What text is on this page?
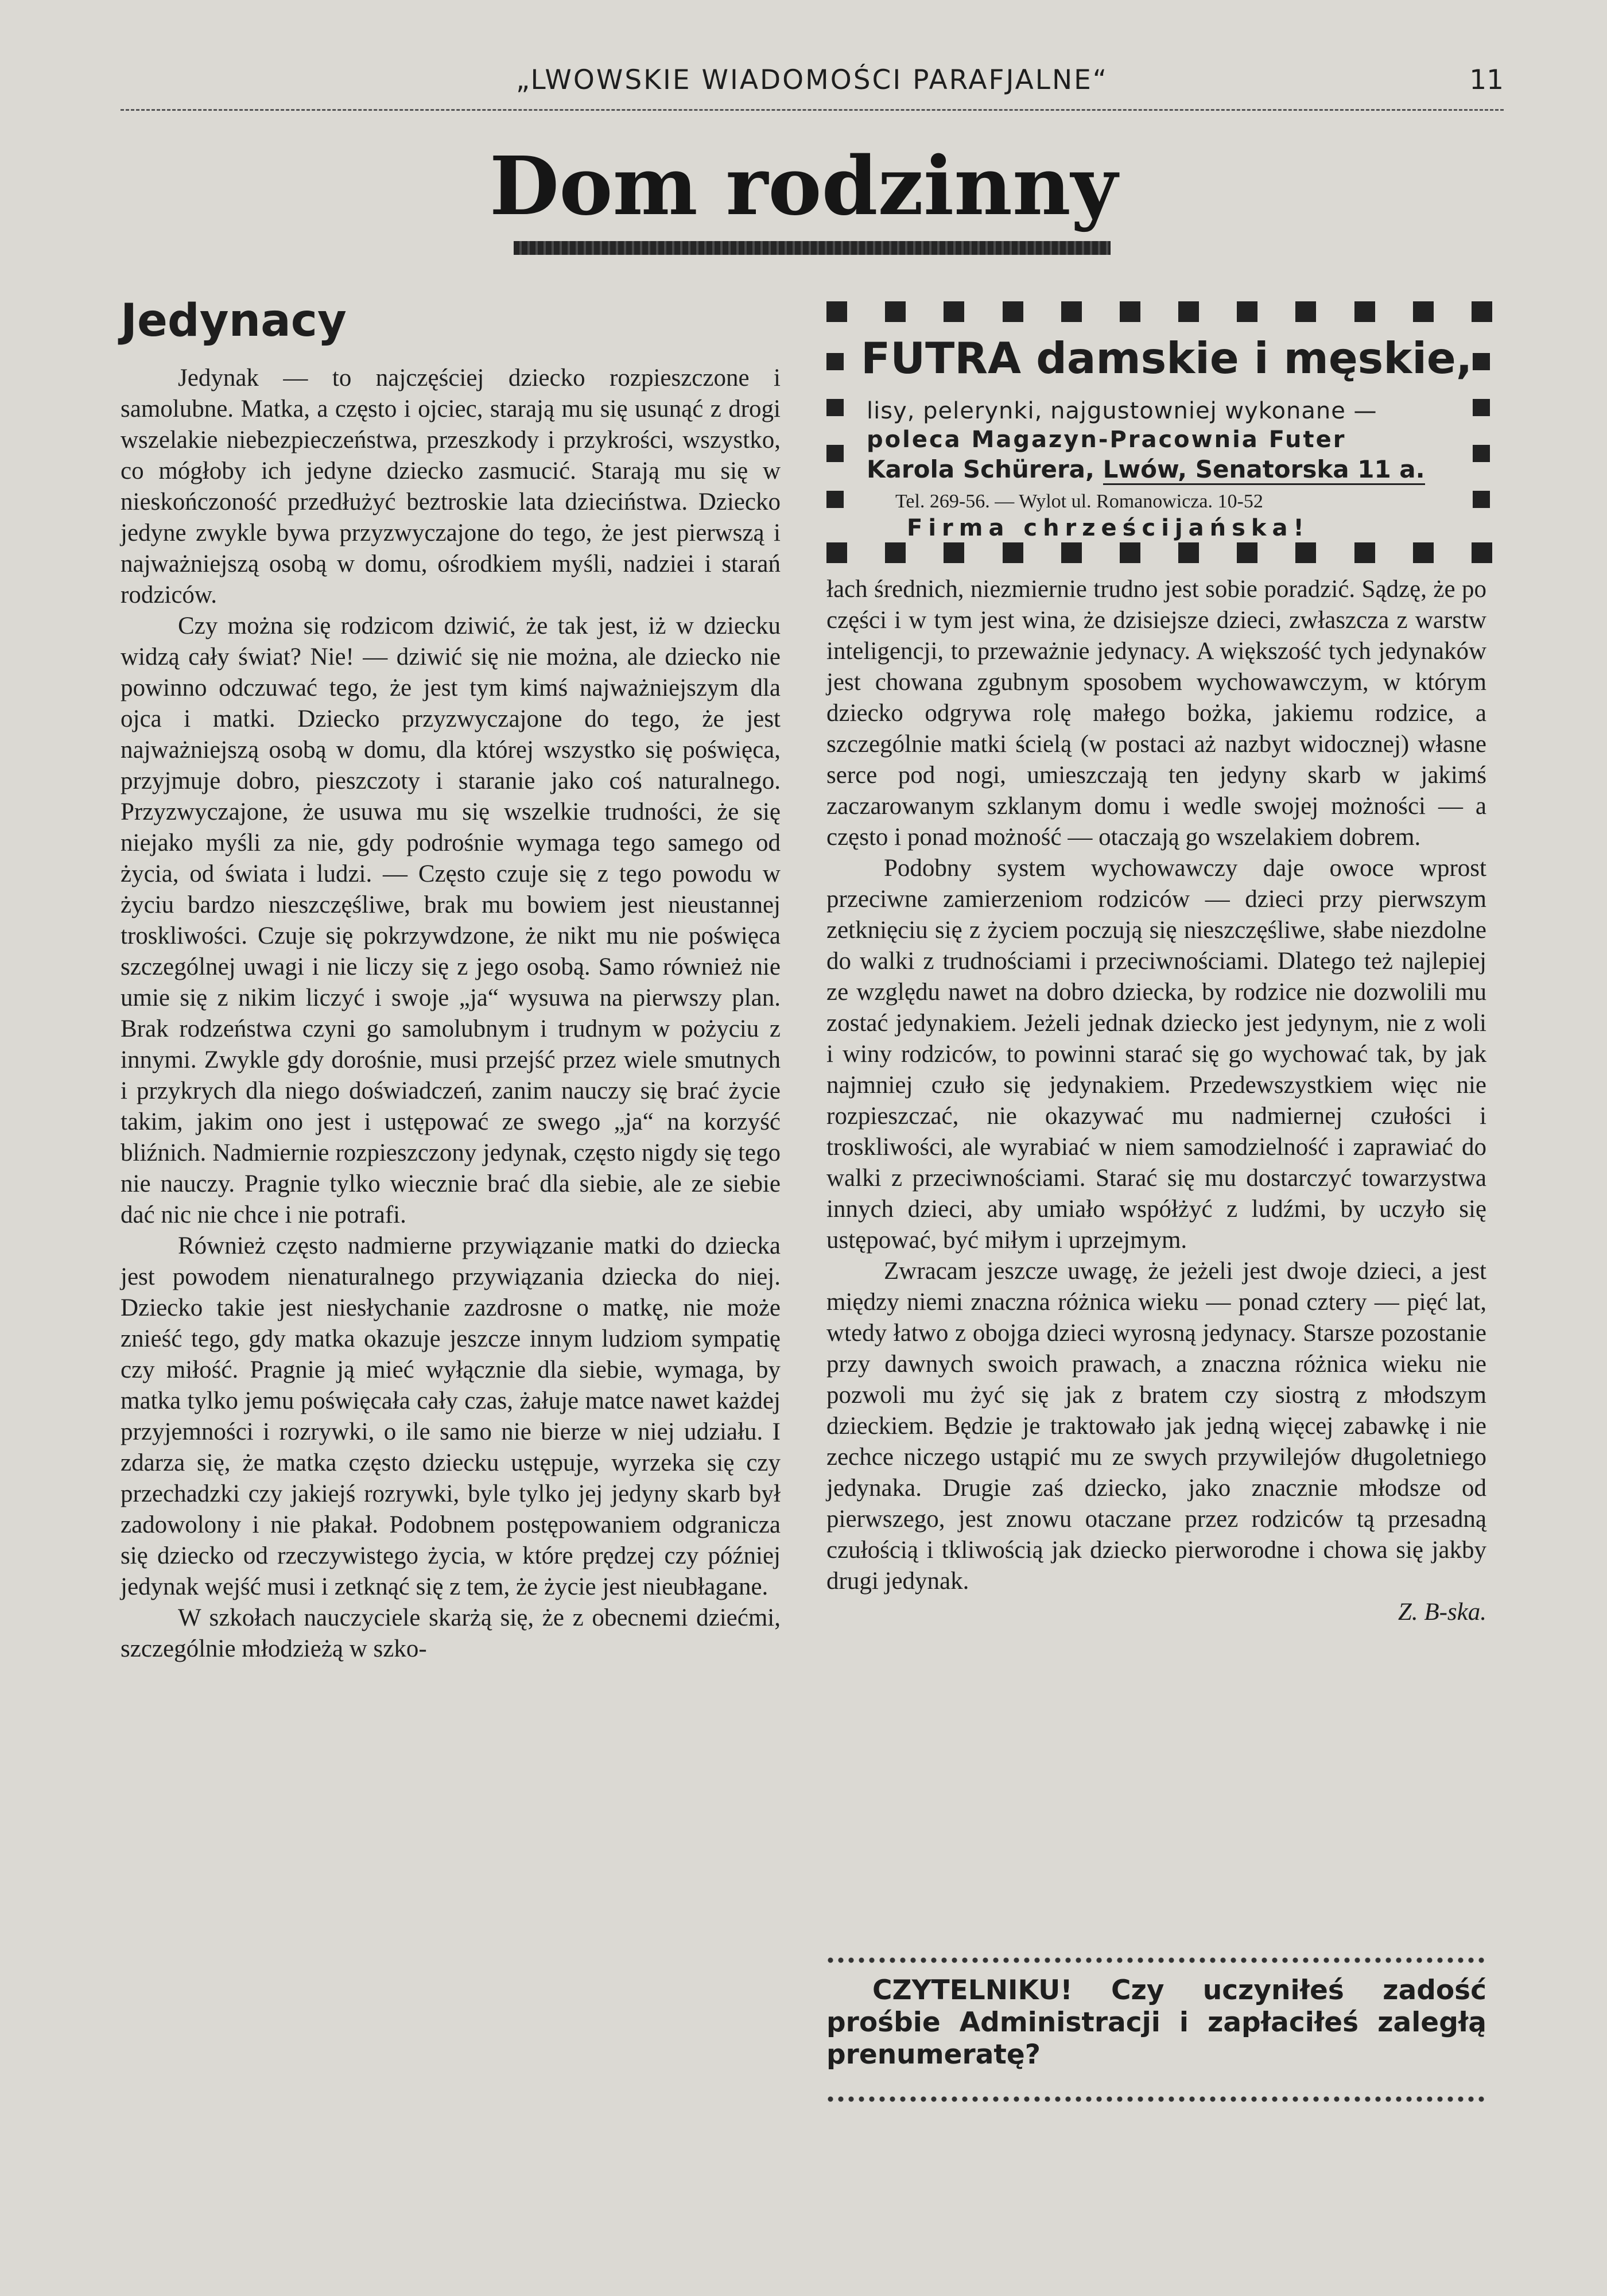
„LWOWSKIE WIADOMOŚCI PARAFJALNE“	11
Dom rodzinny
Jedynacy

Jedynak — to najczęściej dziecko rozpieszczone i samolubne. Matka, a często i ojciec, starają mu się usunąć z drogi wszelakie niebezpieczeństwa, przeszkody i przykrości, wszystko, co mógłoby ich jedyne dziecko zasmucić. Starają mu się w nieskończoność przedłużyć beztroskie lata dzieciństwa. Dziecko jedyne zwykle bywa przyzwyczajone do tego, że jest pierwszą i najważniejszą osobą w domu, ośrodkiem myśli, nadziei i starań rodziców.

Czy można się rodzicom dziwić, że tak jest, iż w dziecku widzą cały świat? Nie! — dziwić się nie można, ale dziecko nie powinno odczuwać tego, że jest tym kimś najważniejszym dla ojca i matki. Dziecko przyzwyczajone do tego, że jest najważniejszą osobą w domu, dla której wszystko się poświęca, przyjmuje dobro, pieszczoty i staranie jako coś naturalnego. Przyzwyczajone, że usuwa mu się wszelkie trudności, że się niejako myśli za nie, gdy podrośnie wymaga tego samego od życia, od świata i ludzi. — Często czuje się z tego powodu w życiu bardzo nieszczęśliwe, brak mu bowiem jest nieustannej troskliwości. Czuje się pokrzywdzone, że nikt mu nie poświęca szczególnej uwagi i nie liczy się z jego osobą. Samo również nie umie się z nikim liczyć i swoje „ja“ wysuwa na pierwszy plan. Brak rodzeństwa czyni go samolubnym i trudnym w pożyciu z innymi. Zwykle gdy dorośnie, musi przejść przez wiele smutnych i przykrych dla niego doświadczeń, zanim nauczy się brać życie takim, jakim ono jest i ustępować ze swego „ja“ na korzyść bliźnich. Nadmiernie rozpieszczony jedynak, często nigdy się tego nie nauczy. Pragnie tylko wiecznie brać dla siebie, ale ze siebie dać nic nie chce i nie potrafi.

Również często nadmierne przywiązanie matki do dziecka jest powodem nienaturalnego przywiązania dziecka do niej. Dziecko takie jest niesłychanie zazdrosne o matkę, nie może znieść tego, gdy matka okazuje jeszcze innym ludziom sympatię czy miłość. Pragnie ją mieć wyłącznie dla siebie, wymaga, by matka tylko jemu poświęcała cały czas, żałuje matce nawet każdej przyjemności i rozrywki, o ile samo nie bierze w niej udziału. I zdarza się, że matka często dziecku ustępuje, wyrzeka się czy przechadzki czy jakiejś rozrywki, byle tylko jej jedyny skarb był zadowolony i nie płakał. Podobnem postępowaniem odgranicza się dziecko od rzeczywistego życia, w które prędzej czy później jedynak wejść musi i zetknąć się z tem, że życie jest nieubłagane.

W szkołach nauczyciele skarżą się, że z obecnemi dziećmi, szczególnie młodzieżą w szko-

FUTRA damskie i męskie,
lisy, pelerynki, najgustowniej wykonane —
poleca Magazyn-Pracownia Futer
Karola Schürera, Lwów, Senatorska 11 a.
Tel. 269-56. — Wylot ul. Romanowicza. 10-52
Firma chrześcijańska!

łach średnich, niezmiernie trudno jest sobie poradzić. Sądzę, że po części i w tym jest wina, że dzisiejsze dzieci, zwłaszcza z warstw inteligencji, to przeważnie jedynacy. A większość tych jedynaków jest chowana zgubnym sposobem wychowawczym, w którym dziecko odgrywa rolę małego bożka, jakiemu rodzice, a szczególnie matki ścielą (w postaci aż nazbyt widocznej) własne serce pod nogi, umieszczają ten jedyny skarb w jakimś zaczarowanym szklanym domu i wedle swojej możności — a często i ponad możność — otaczają go wszelakiem dobrem.

Podobny system wychowawczy daje owoce wprost przeciwne zamierzeniom rodziców — dzieci przy pierwszym zetknięciu się z życiem poczują się nieszczęśliwe, słabe niezdolne do walki z trudnościami i przeciwnościami. Dlatego też najlepiej ze względu nawet na dobro dziecka, by rodzice nie dozwolili mu zostać jedynakiem. Jeżeli jednak dziecko jest jedynym, nie z woli i winy rodziców, to powinni starać się go wychować tak, by jak najmniej czuło się jedynakiem. Przedewszystkiem więc nie rozpieszczać, nie okazywać mu nadmiernej czułości i troskliwości, ale wyrabiać w niem samodzielność i zaprawiać do walki z przeciwnościami. Starać się mu dostarczyć towarzystwa innych dzieci, aby umiało współżyć z ludźmi, by uczyło się ustępować, być miłym i uprzejmym.

Zwracam jeszcze uwagę, że jeżeli jest dwoje dzieci, a jest między niemi znaczna różnica wieku — ponad cztery — pięć lat, wtedy łatwo z obojga dzieci wyrosną jedynacy. Starsze pozostanie przy dawnych swoich prawach, a znaczna różnica wieku nie pozwoli mu żyć się jak z bratem czy siostrą z młodszym dzieckiem. Będzie je traktowało jak jedną więcej zabawkę i nie zechce niczego ustąpić mu ze swych przywilejów długoletniego jedynaka. Drugie zaś dziecko, jako znacznie młodsze od pierwszego, jest znowu otaczane przez rodziców tą przesadną czułością i tkliwością jak dziecko pierworodne i chowa się jakby drugi jedynak.

Z. B-ska.
CZYTELNIKU! Czy uczyniłeś zadość prośbie Administracji i zapłaciłeś zaległą prenumeratę?
